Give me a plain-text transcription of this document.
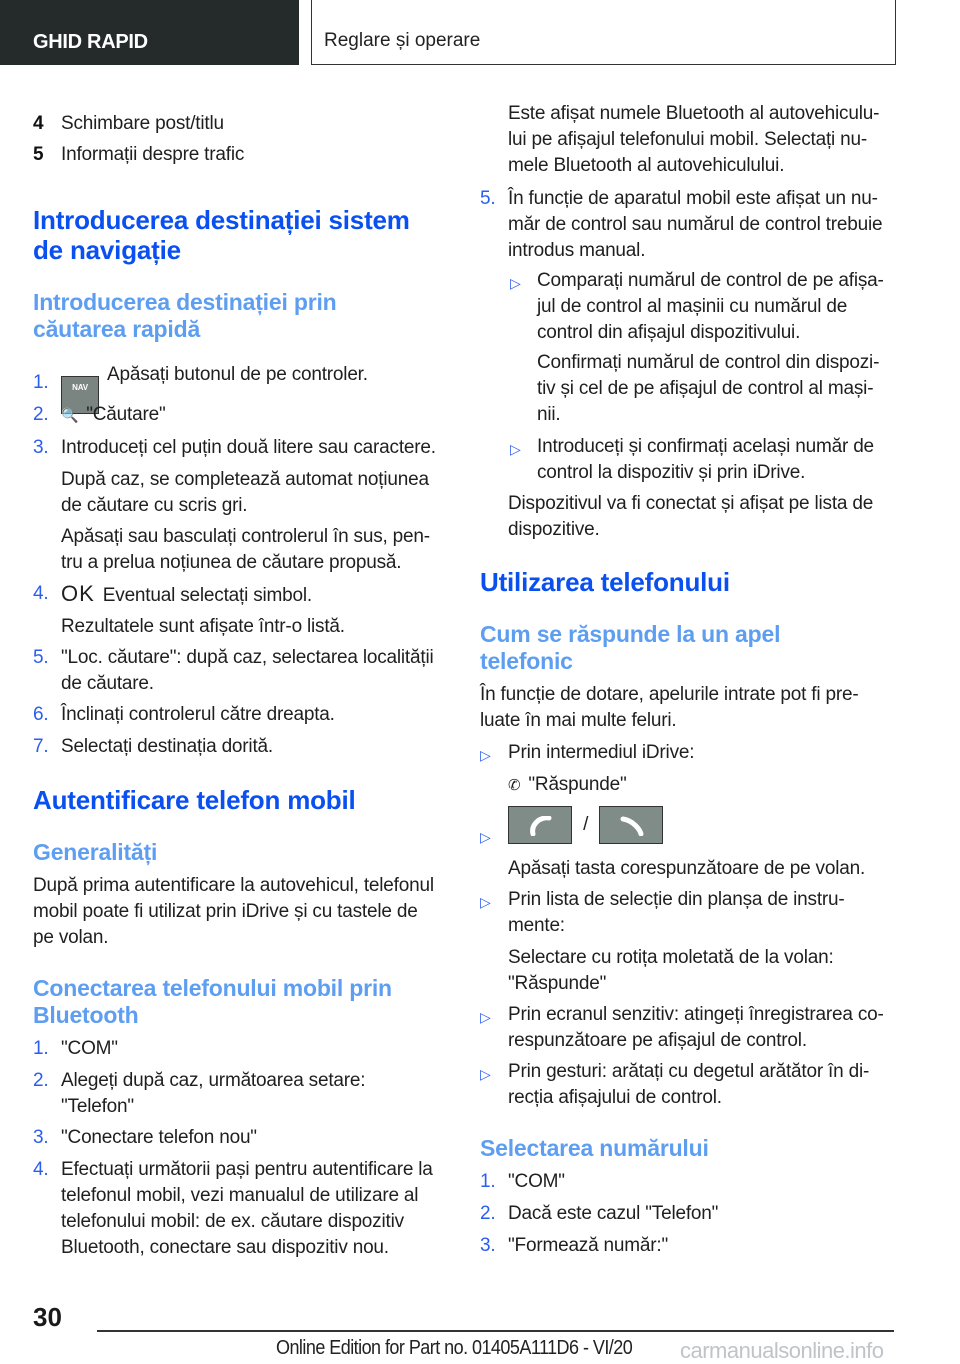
GHID RAPID	Reglare și operare
4 Schimbare post/titlu
5 Informații despre trafic
Introducerea destinației sistem
de navigație
Introducerea destinației prin
căutarea rapidă
1.	NAVApăsați butonul de pe controler.
2. 🔍 "Căutare"
3. Introduceți cel puțin două litere sau caractere.
După caz, se completează automat noțiunea
de căutare cu scris gri.
Apăsați sau basculați controlerul în sus, pen-
tru a prelua noțiunea de căutare propusă.
4. OK Eventual selectați simbol.
Rezultatele sunt afișate într-o listă.
5. "Loc. căutare": după caz, selectarea localității
de căutare.
6. Înclinați controlerul către dreapta.
7. Selectați destinația dorită.
Autentificare telefon mobil
Generalități
După prima autentificare la autovehicul, telefonul
mobil poate fi utilizat prin iDrive și cu tastele de
pe volan.
Conectarea telefonului mobil prin
Bluetooth
1. "COM"
2. Alegeți după caz, următoarea setare:
"Telefon"
3. "Conectare telefon nou"
4. Efectuați următorii pași pentru autentificare la
telefonul mobil, vezi manualul de utilizare al
telefonului mobil: de ex. căutare dispozitiv
Bluetooth, conectare sau dispozitiv nou.
Este afișat numele Bluetooth al autovehiculu-
lui pe afișajul telefonului mobil. Selectați nu-
mele Bluetooth al autovehiculului.
5. În funcție de aparatul mobil este afișat un nu-
măr de control sau numărul de control trebuie
introdus manual.
▷ Comparați numărul de control de pe afișa-
jul de control al mașinii cu numărul de
control din afișajul dispozitivului.
Confirmați numărul de control din dispozi-
tiv și cel de pe afișajul de control al mași-
nii.
▷ Introduceți și confirmați același număr de
control la dispozitiv și prin iDrive.
Dispozitivul va fi conectat și afișat pe lista de
dispozitive.
Utilizarea telefonului
Cum se răspunde la un apel
telefonic
În funcție de dotare, apelurile intrate pot fi pre-
luate în mai multe feluri.
▷ Prin intermediul iDrive:
✆ "Răspunde"
▷
/
Apăsați tasta corespunzătoare de pe volan.
▷ Prin lista de selecție din planșa de instru-
mente:
Selectare cu rotița moletată de la volan:
"Răspunde"
▷ Prin ecranul senzitiv: atingeți înregistrarea co-
respunzătoare pe afișajul de control.
▷ Prin gesturi: arătați cu degetul arătător în di-
recția afișajului de control.
Selectarea numărului
1. "COM"
2. Dacă este cazul "Telefon"
3. "Formează număr:"
30
Online Edition for Part no. 01405A111D6 - VI/20 carmanualsonline.info
